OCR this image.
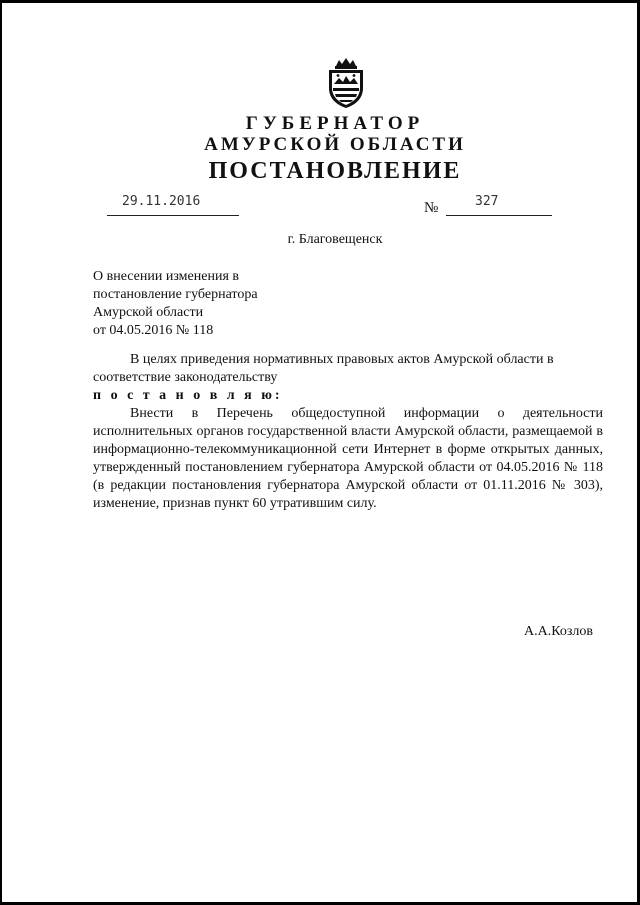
ГУБЕРНАТОР
АМУРСКОЙ ОБЛАСТИ
ПОСТАНОВЛЕНИЕ
29.11.2016	№	327
г. Благовещенск
О внесении изменения в
постановление губернатора
Амурской области
от 04.05.2016 № 118

В целях приведения нормативных правовых актов Амурской области в соответствие законодательству

п о с т а н о в л я ю:

Внести в Перечень общедоступной информации о деятельности исполнительных органов государственной власти Амурской области, размещаемой в информационно-телекоммуникационной сети Интернет в форме открытых данных, утвержденный постановлением губернатора Амурской области от 04.05.2016 № 118 (в редакции постановления губернатора Амурской области от 01.11.2016 № 303), изменение, признав пункт 60 утратившим силу.

А.А.Козлов
